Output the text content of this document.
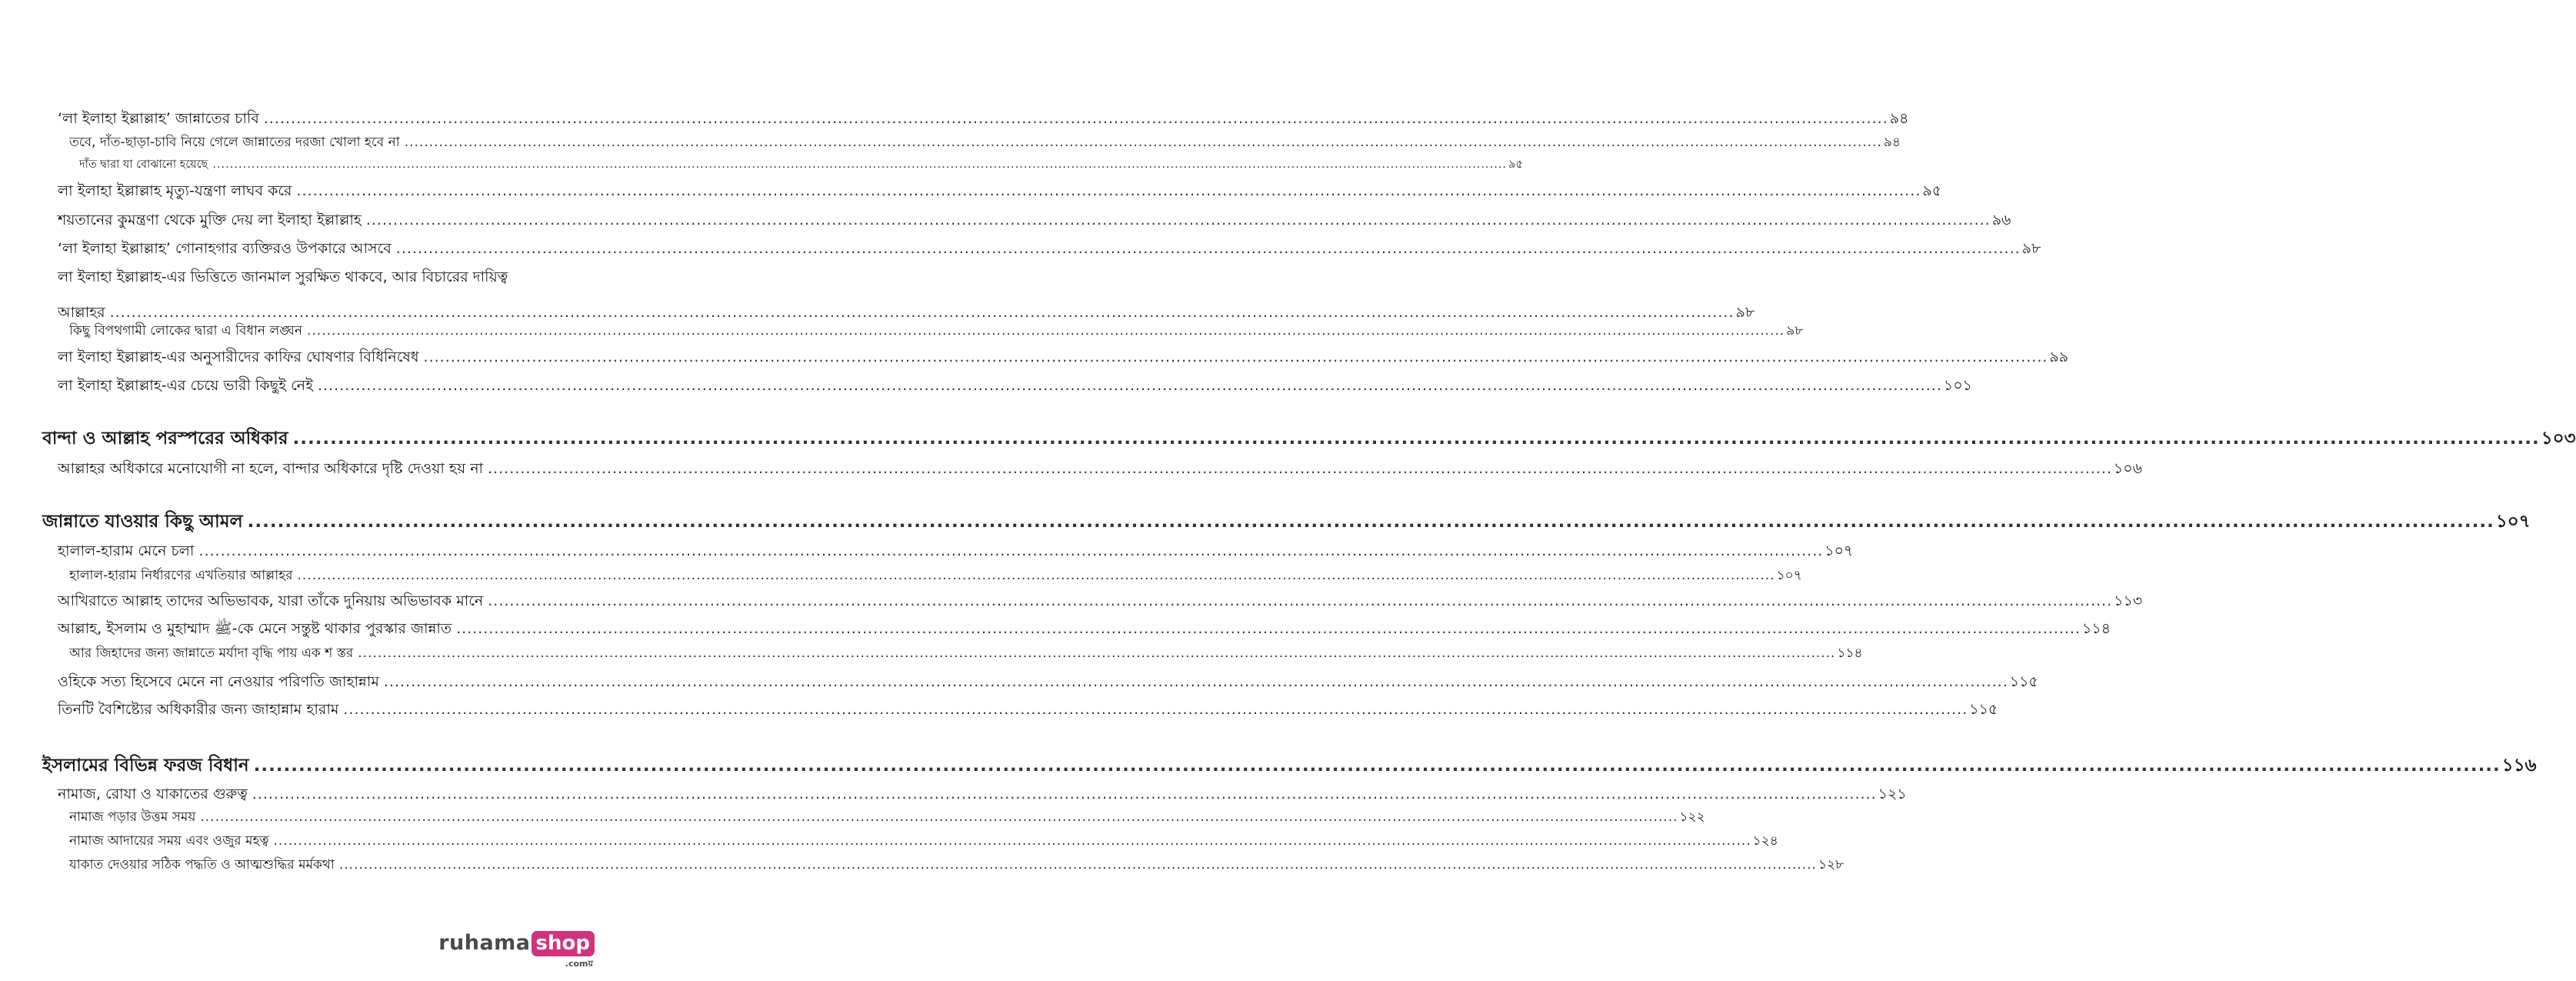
‘লা ইলাহা ইল্লাল্লাহ’ জান্নাতের চাবি ............................................................................................................................................................................................................................................................................................................ ৯৪
তবে, দাঁত-ছাড়া-চাবি নিয়ে গেলে জান্নাতের দরজা খোলা হবে না ............................................................................................................................................................................................................................................................................................................ ৯৪
দাঁত দ্বারা যা বোঝানো হয়েছে ............................................................................................................................................................................................................................................................................................................ ৯৫
লা ইলাহা ইল্লাল্লাহ মৃত্যু-যন্ত্রণা লাঘব করে ............................................................................................................................................................................................................................................................................................................ ৯৫
শয়তানের কুমন্ত্রণা থেকে মুক্তি দেয় লা ইলাহা ইল্লাল্লাহ ............................................................................................................................................................................................................................................................................................................ ৯৬
‘লা ইলাহা ইল্লাল্লাহ’ গোনাহগার ব্যক্তিরও উপকারে আসবে ............................................................................................................................................................................................................................................................................................................ ৯৮
লা ইলাহা ইল্লাল্লাহ-এর ভিত্তিতে জানমাল সুরক্ষিত থাকবে, আর বিচারের দায়িত্ব
আল্লাহর ............................................................................................................................................................................................................................................................................................................ ৯৮
কিছু বিপথগামী লোকের দ্বারা এ বিধান লঙ্ঘন ............................................................................................................................................................................................................................................................................................................ ৯৮
লা ইলাহা ইল্লাল্লাহ-এর অনুসারীদের কাফির ঘোষণার বিধিনিষেধ ............................................................................................................................................................................................................................................................................................................ ৯৯
লা ইলাহা ইল্লাল্লাহ-এর চেয়ে ভারী কিছুই নেই ............................................................................................................................................................................................................................................................................................................ ১০১
বান্দা ও আল্লাহ পরস্পরের অধিকার ............................................................................................................................................................................................................................................................................................................ ১০৩
আল্লাহর অধিকারে মনোযোগী না হলে, বান্দার অধিকারে দৃষ্টি দেওয়া হয় না ............................................................................................................................................................................................................................................................................................................ ১০৬
জান্নাতে যাওয়ার কিছু আমল ............................................................................................................................................................................................................................................................................................................ ১০৭
হালাল-হারাম মেনে চলা ............................................................................................................................................................................................................................................................................................................ ১০৭
হালাল-হারাম নির্ধারণের এখতিয়ার আল্লাহর ............................................................................................................................................................................................................................................................................................................ ১০৭
আখিরাতে আল্লাহ তাদের অভিভাবক, যারা তাঁকে দুনিয়ায় অভিভাবক মানে ............................................................................................................................................................................................................................................................................................................ ১১৩
আল্লাহ, ইসলাম ও মুহাম্মাদ ﷺ-কে মেনে সন্তুষ্ট থাকার পুরস্কার জান্নাত ............................................................................................................................................................................................................................................................................................................ ১১৪
আর জিহাদের জন্য জান্নাতে মর্যাদা বৃদ্ধি পায় এক শ স্তর ............................................................................................................................................................................................................................................................................................................ ১১৪
ওহিকে সত্য হিসেবে মেনে না নেওয়ার পরিণতি জাহান্নাম ............................................................................................................................................................................................................................................................................................................ ১১৫
তিনটি বৈশিষ্ট্যের অধিকারীর জন্য জাহান্নাম হারাম ............................................................................................................................................................................................................................................................................................................ ১১৫
ইসলামের বিভিন্ন ফরজ বিধান ............................................................................................................................................................................................................................................................................................................ ১১৬
নামাজ, রোযা ও যাকাতের গুরুত্ব ............................................................................................................................................................................................................................................................................................................ ১২১
নামাজ পড়ার উত্তম সময় ............................................................................................................................................................................................................................................................................................................ ১২২
নামাজ আদায়ের সময় এবং ওজুর মহত্ব ............................................................................................................................................................................................................................................................................................................ ১২৪
যাকাত দেওয়ার সঠিক পদ্ধতি ও আত্মশুদ্ধির মর্মকথা ............................................................................................................................................................................................................................................................................................................ ১২৮
ruhama shop
.comয়
